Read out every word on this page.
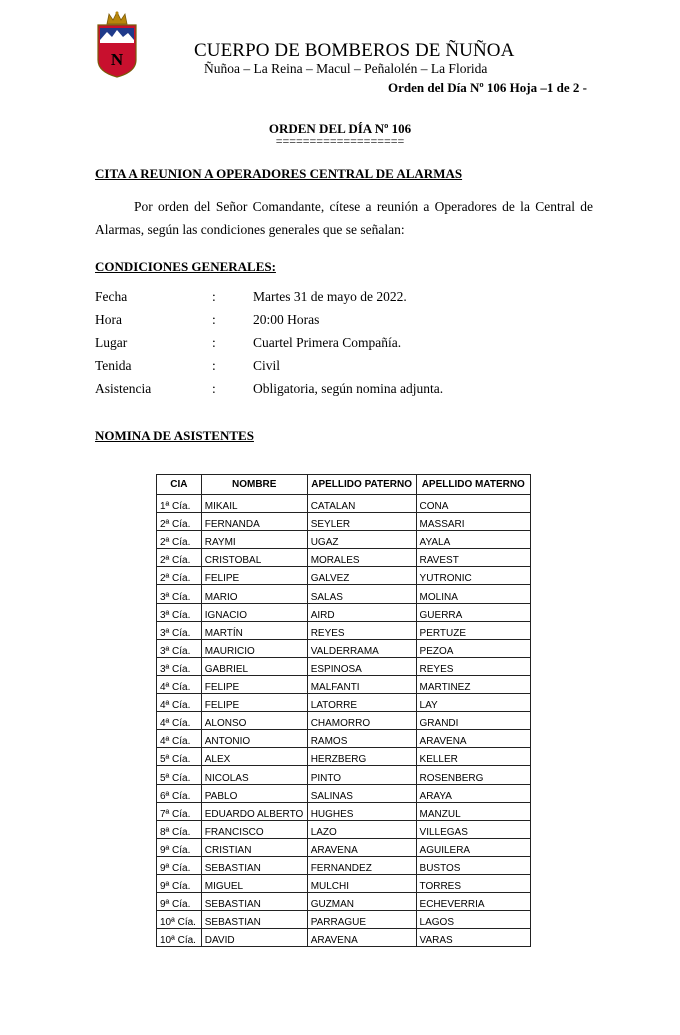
N	CUERPO DE BOMBEROS DE ÑUÑOA
Ñuñoa – La Reina – Macul – Peñalolén – La Florida
Orden del Día Nº 106 Hoja –1 de 2 -
ORDEN DEL DÍA Nº 106
===================
CITA A REUNION A OPERADORES CENTRAL DE ALARMAS

Por orden del Señor Comandante, cítese a reunión a Operadores de la Central de Alarmas, según las condiciones generales que se señalan:

CONDICIONES GENERALES:
Fecha	:	Martes 31 de mayo de 2022.
Hora	:	20:00 Horas
Lugar	:	Cuartel Primera Compañía.
Tenida	:	Civil
Asistencia	:	Obligatoria, según nomina adjunta.
NOMINA DE ASISTENTES
CIA	NOMBRE	APELLIDO PATERNO	APELLIDO MATERNO
1ª Cía.	MIKAIL	CATALAN	CONA
2ª Cía.	FERNANDA	SEYLER	MASSARI
2ª Cía.	RAYMI	UGAZ	AYALA
2ª Cía.	CRISTOBAL	MORALES	RAVEST
2ª Cía.	FELIPE	GALVEZ	YUTRONIC
3ª Cía.	MARIO	SALAS	MOLINA
3ª Cía.	IGNACIO	AIRD	GUERRA
3ª Cía.	MARTÍN	REYES	PERTUZE
3ª Cía.	MAURICIO	VALDERRAMA	PEZOA
3ª Cía.	GABRIEL	ESPINOSA	REYES
4ª Cía.	FELIPE	MALFANTI	MARTINEZ
4ª Cía.	FELIPE	LATORRE	LAY
4ª Cía.	ALONSO	CHAMORRO	GRANDI
4ª Cía.	ANTONIO	RAMOS	ARAVENA
5ª Cía.	ALEX	HERZBERG	KELLER
5ª Cía.	NICOLAS	PINTO	ROSENBERG
6ª Cía.	PABLO	SALINAS	ARAYA
7ª Cía.	EDUARDO ALBERTO	HUGHES	MANZUL
8ª Cía.	FRANCISCO	LAZO	VILLEGAS
9ª Cía.	CRISTIAN	ARAVENA	AGUILERA
9ª Cía.	SEBASTIAN	FERNANDEZ	BUSTOS
9ª Cía.	MIGUEL	MULCHI	TORRES
9ª Cía.	SEBASTIAN	GUZMAN	ECHEVERRIA
10ª Cía.	SEBASTIAN	PARRAGUE	LAGOS
10ª Cía.	DAVID	ARAVENA	VARAS
